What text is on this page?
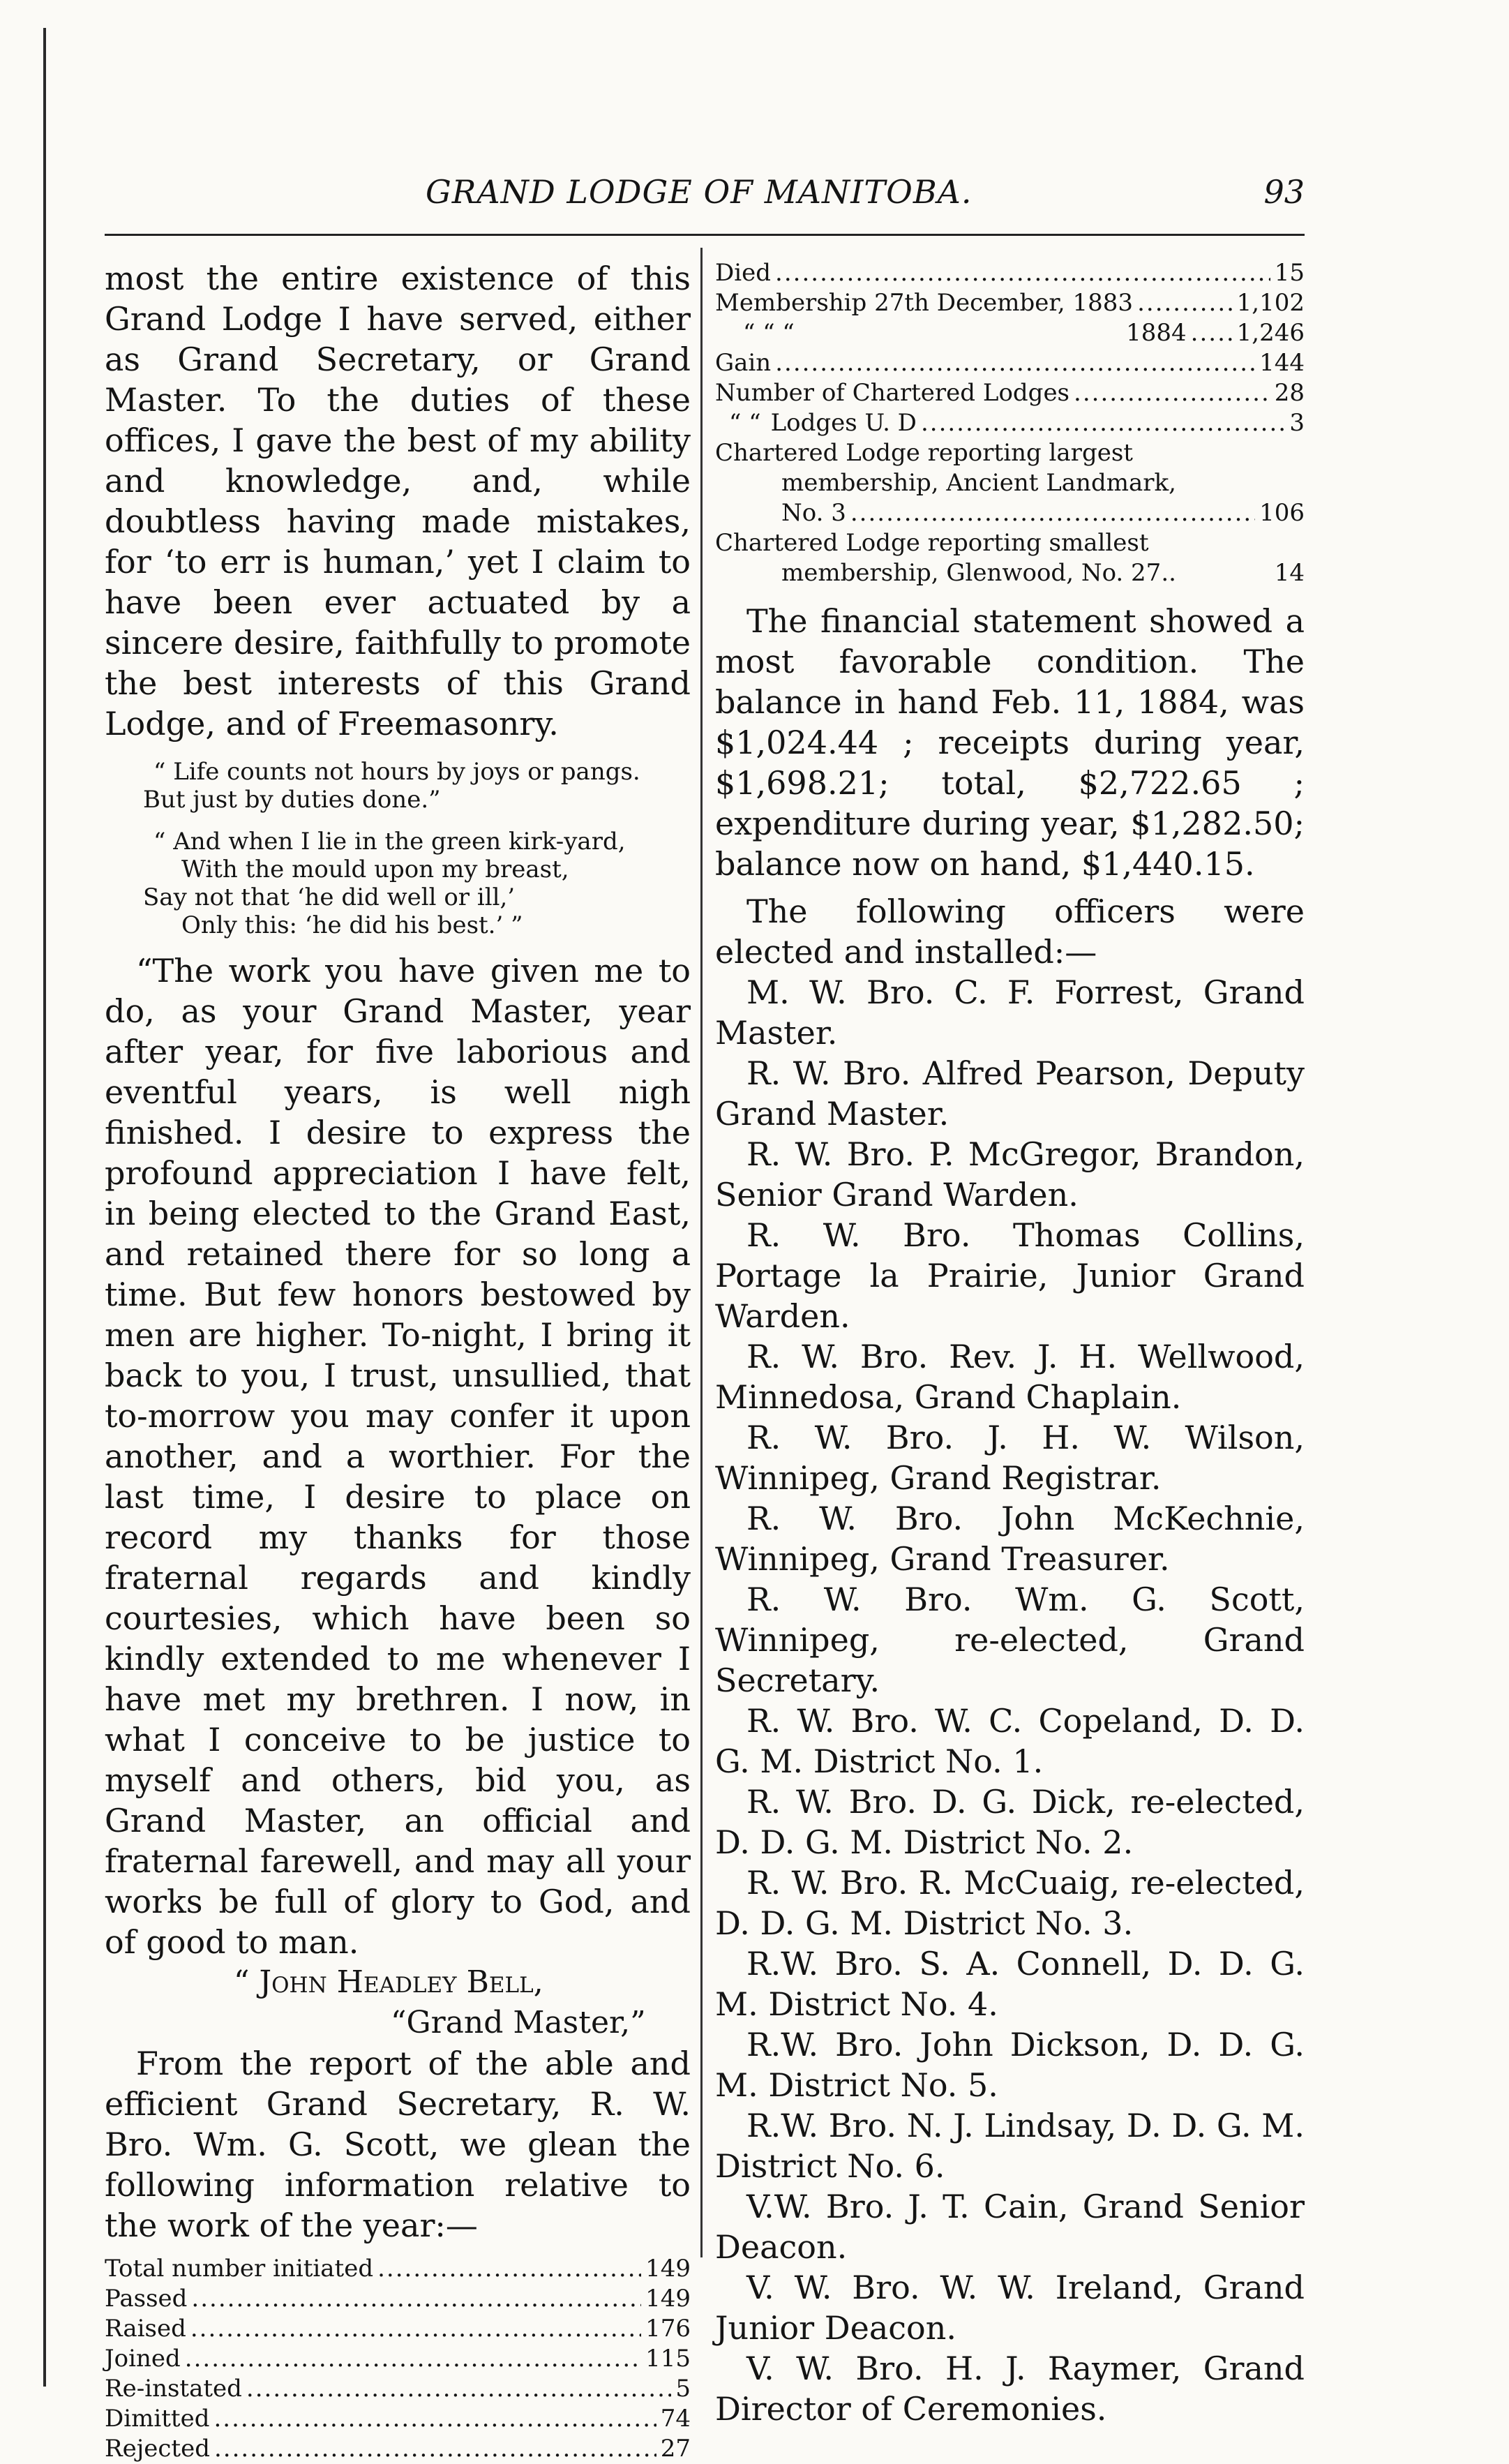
GRAND LODGE OF MANITOBA.	93

most the entire existence of this Grand Lodge I have served, either as Grand Secretary, or Grand Master. To the duties of these offices, I gave the best of my ability and knowledge, and, while doubtless having made mistakes, for ‘to err is human,’ yet I claim to have been ever actuated by a sincere desire, faithfully to promote the best interests of this Grand Lodge, and of Freemasonry.

“ Life counts not hours by joys or pangs.
But just by duties done.”
“ And when I lie in the green kirk-yard,
With the mould upon my breast,
Say not that ‘he did well or ill,’
Only this: ‘he did his best.’ ”

“The work you have given me to do, as your Grand Master, year after year, for five laborious and eventful years, is well nigh finished. I desire to express the profound appreciation I have felt, in being elected to the Grand East, and retained there for so long a time. But few honors bestowed by men are higher. To-night, I bring it back to you, I trust, unsullied, that to-morrow you may confer it upon another, and a worthier. For the last time, I desire to place on record my thanks for those fraternal regards and kindly courtesies, which have been so kindly extended to me whenever I have met my brethren. I now, in what I conceive to be justice to myself and others, bid you, as Grand Master, an official and fraternal farewell, and may all your works be full of glory to God, and of good to man.

“ John Headley Bell,
“Grand Master,”

From the report of the able and efficient Grand Secretary, R. W. Bro. Wm. G. Scott, we glean the following information relative to the work of the year:—

Total number initiated .....	149
Passed .....	149
Raised .....	176
Joined .....	115
Re-instated .....	5
Dimitted .....	74
Rejected .....	27
Died .....	15
Membership 27th December, 1883 .....	1,102
“ “ “	1884 ..... 1,246
Gain .....	144
Number of Chartered Lodges .....	28
“ “ Lodges U. D .....	3
Chartered Lodge reporting largest
membership, Ancient Landmark,
No. 3 .....	106
Chartered Lodge reporting smallest
membership, Glenwood, No. 27..	14

The financial statement showed a most favorable condition. The balance in hand Feb. 11, 1884, was $1,024.44 ; receipts during year, $1,698.21; total, $2,722.65 ; expenditure during year, $1,282.50; balance now on hand, $1,440.15.

The following officers were elected and installed:—

M. W. Bro. C. F. Forrest, Grand Master.

R. W. Bro. Alfred Pearson, Deputy Grand Master.

R. W. Bro. P. McGregor, Brandon, Senior Grand Warden.

R. W. Bro. Thomas Collins, Portage la Prairie, Junior Grand Warden.

R. W. Bro. Rev. J. H. Wellwood, Minnedosa, Grand Chaplain.

R. W. Bro. J. H. W. Wilson, Winnipeg, Grand Registrar.

R. W. Bro. John McKechnie, Winnipeg, Grand Treasurer.

R. W. Bro. Wm. G. Scott, Winnipeg, re-elected, Grand Secretary.

R. W. Bro. W. C. Copeland, D. D. G. M. District No. 1.

R. W. Bro. D. G. Dick, re-elected, D. D. G. M. District No. 2.

R. W. Bro. R. McCuaig, re-elected, D. D. G. M. District No. 3.

R.W. Bro. S. A. Connell, D. D. G. M. District No. 4.

R.W. Bro. John Dickson, D. D. G. M. District No. 5.

R.W. Bro. N. J. Lindsay, D. D. G. M. District No. 6.

V.W. Bro. J. T. Cain, Grand Senior Deacon.

V. W. Bro. W. W. Ireland, Grand Junior Deacon.

V. W. Bro. H. J. Raymer, Grand Director of Ceremonies.
